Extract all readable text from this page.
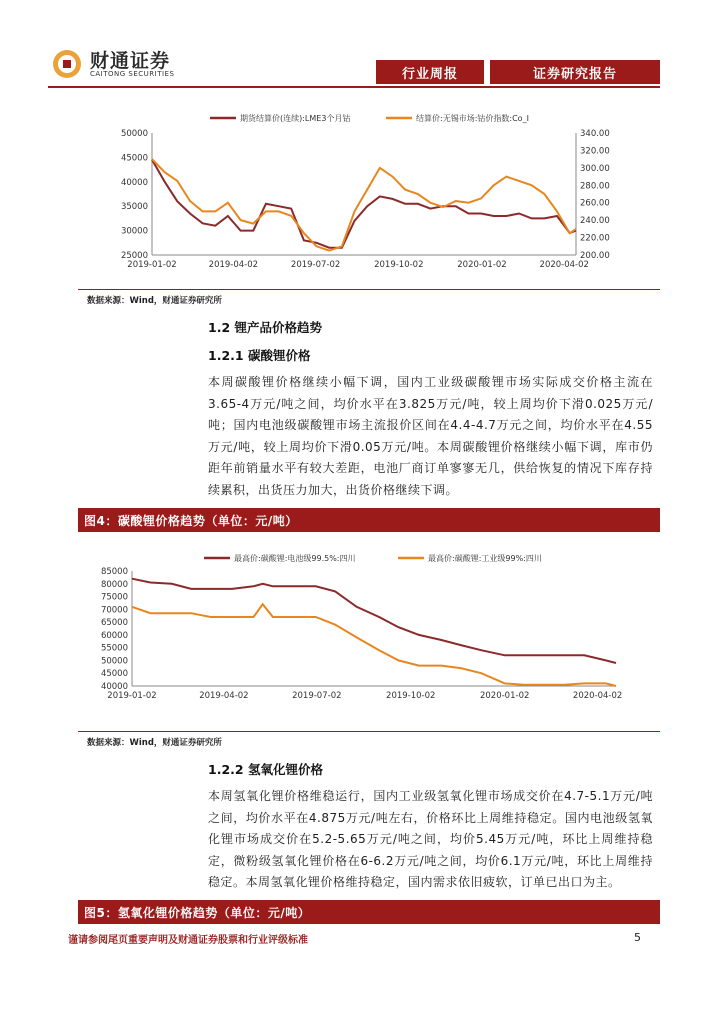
财通证券
CAITONG SECURITIES	行业周报	证券研究报告
期货结算价(连续):LME3个月钴	结算价:无锡市场:钴价指数:Co_I
25000
30000
35000
40000
45000
50000
200.00
220.00
240.00
260.00
280.00
300.00
320.00
340.00
2019-01-02	2019-04-02	2019-07-02	2019-10-02	2020-01-02	2020-04-02
数据来源：Wind，财通证券研究所
1.2 锂产品价格趋势
1.2.1 碳酸锂价格
本周碳酸锂价格继续小幅下调，国内工业级碳酸锂市场实际成交价格主流在3.65-4万元/吨之间，均价水平在3.825万元/吨，较上周均价下滑0.025万元/吨；国内电池级碳酸锂市场主流报价区间在4.4-4.7万元之间，均价水平在4.55万元/吨，较上周均价下滑0.05万元/吨。本周碳酸锂价格继续小幅下调，库市仍距年前销量水平有较大差距，电池厂商订单寥寥无几，供给恢复的情况下库存持续累积，出货压力加大，出货价格继续下调。
图4：碳酸锂价格趋势（单位：元/吨）
最高价:碳酸锂:电池级99.5%:四川	最高价:碳酸锂:工业级99%:四川
40000
45000
50000
55000
60000
65000
70000
75000
80000
85000
2019-01-02	2019-04-02	2019-07-02	2019-10-02	2020-01-02	2020-04-02
数据来源：Wind，财通证券研究所
1.2.2 氢氧化锂价格
本周氢氧化锂价格维稳运行，国内工业级氢氧化锂市场成交价在4.7-5.1万元/吨之间，均价水平在4.875万元/吨左右，价格环比上周维持稳定。国内电池级氢氧化锂市场成交价在5.2-5.65万元/吨之间，均价5.45万元/吨，环比上周维持稳定，微粉级氢氧化锂价格在6-6.2万元/吨之间，均价6.1万元/吨，环比上周维持稳定。本周氢氧化锂价格维持稳定，国内需求依旧疲软，订单已出口为主。
图5：氢氧化锂价格趋势（单位：元/吨）
谨请参阅尾页重要声明及财通证券股票和行业评级标准	5
